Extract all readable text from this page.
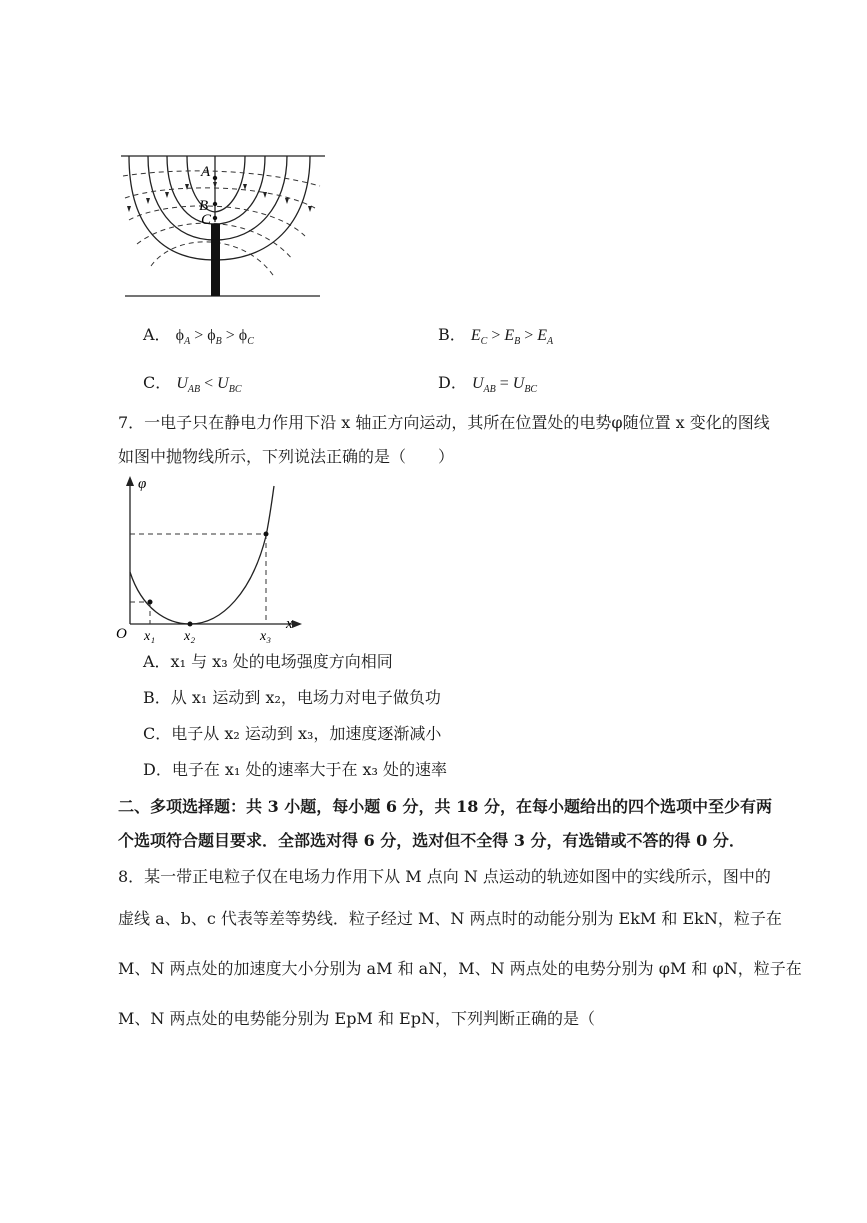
A
B
C
A． $\phi_A > \phi_B > \phi_C$	B． $E_C > E_B > E_A$
C． $U_{AB} < U_{BC}$	D． $U_{AB} = U_{BC}$
7．一电子只在静电力作用下沿 x 轴正方向运动，其所在位置处的电势φ随位置 x 变化的图线
如图中抛物线所示，下列说法正确的是（　　）
φ
x
O x₁ x₂	x₃
A．x₁ 与 x₃ 处的电场强度方向相同
B．从 x₁ 运动到 x₂，电场力对电子做负功
C．电子从 x₂ 运动到 x₃，加速度逐渐减小
D．电子在 x₁ 处的速率大于在 x₃ 处的速率
二、多项选择题：共 3 小题，每小题 6 分，共 18 分，在每小题给出的四个选项中至少有两
个选项符合题目要求．全部选对得 6 分，选对但不全得 3 分，有选错或不答的得 0 分．
8．某一带正电粒子仅在电场力作用下从 M 点向 N 点运动的轨迹如图中的实线所示，图中的
虚线 a、b、c 代表等差等势线．粒子经过 M、N 两点时的动能分别为 EkM 和 EkN，粒子在
M、N 两点处的加速度大小分别为 aM 和 aN，M、N 两点处的电势分别为 φM 和 φN，粒子在
M、N 两点处的电势能分别为 EpM 和 EpN，下列判断正确的是（
